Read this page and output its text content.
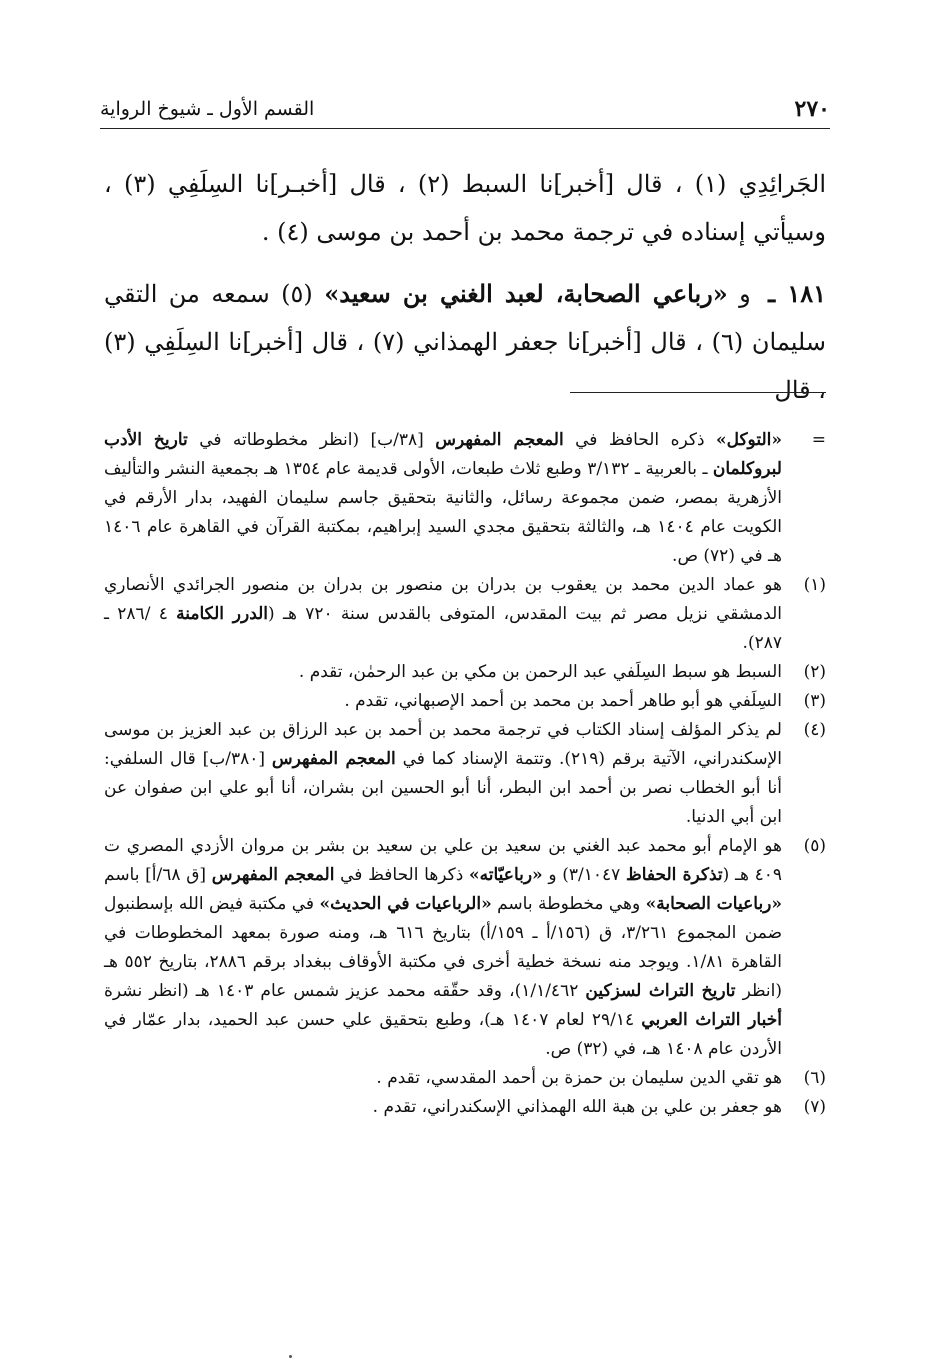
٢٧٠
القسم الأول ـ شيوخ الرواية

الجَرائِدِي (١) ، قال [أخبر]نا السبط (٢) ، قال [أخبـر]نا السِلَفِي (٣) ، وسيأتي إسناده في ترجمة محمد بن أحمد بن موسى (٤) .

١٨١ ـ و «رباعي الصحابة، لعبد الغني بن سعيد» (٥) سمعه من التقي سليمان (٦) ، قال [أخبر]نا جعفر الهمذاني (٧) ، قال [أخبر]نا السِلَفِي (٣) ، قال

=
«التوكل» ذكره الحافظ في المعجم المفهرس [٣٨/ب] (انظر مخطوطاته في تاريخ الأدب لبروكلمان ـ بالعربية ـ ٣/١٣٢ وطبع ثلاث طبعات، الأولى قديمة عام ١٣٥٤ هـ بجمعية النشر والتأليف الأزهرية بمصر، ضمن مجموعة رسائل، والثانية بتحقيق جاسم سليمان الفهيد، بدار الأرقم في الكويت عام ١٤٠٤ هـ، والثالثة بتحقيق مجدي السيد إبراهيم، بمكتبة القرآن في القاهرة عام ١٤٠٦ هـ في (٧٢) ص.
(١)
هو عماد الدين محمد بن يعقوب بن بدران بن منصور بن بدران بن منصور الجرائدي الأنصاري الدمشقي نزيل مصر ثم بيت المقدس، المتوفى بالقدس سنة ٧٢٠ هـ (الدرر الكامنة ٤ /٢٨٦ ـ ٢٨٧).
(٢)
السبط هو سبط السِلَفي عبد الرحمن بن مكي بن عبد الرحمٰن، تقدم .
(٣)
السِلَفي هو أبو طاهر أحمد بن محمد بن أحمد الإصبهاني، تقدم .
(٤)
لم يذكر المؤلف إسناد الكتاب في ترجمة محمد بن أحمد بن عبد الرزاق بن عبد العزيز بن موسى الإسكندراني، الآتية برقم (٢١٩). وتتمة الإسناد كما في المعجم المفهرس [٣٨٠/ب] قال السلفي: أنا أبو الخطاب نصر بن أحمد ابن البطر، أنا أبو الحسين ابن بشران، أنا أبو علي ابن صفوان عن ابن أبي الدنيا.
(٥)
هو الإمام أبو محمد عبد الغني بن سعيد بن علي بن سعيد بن بشر بن مروان الأزدي المصري ت ٤٠٩ هـ (تذكرة الحفاظ ٣/١٠٤٧) و «رباعيّاته» ذكرها الحافظ في المعجم المفهرس [ق ٦٨/أ] باسم «رباعيات الصحابة» وهي مخطوطة باسم «الرباعيات في الحديث» في مكتبة فيض الله بإسطنبول ضمن المجموع ٣/٢٦١، ق (١٥٦/أ ـ ١٥٩/أ) بتاريخ ٦١٦ هـ، ومنه صورة بمعهد المخطوطات في القاهرة ١/٨١. ويوجد منه نسخة خطية أخرى في مكتبة الأوقاف ببغداد برقم ٢٨٨٦، بتاريخ ٥٥٢ هـ (انظر تاريخ التراث لسزكين ١/١/٤٦٢)، وقد حقّقه محمد عزيز شمس عام ١٤٠٣ هـ (انظر نشرة أخبار التراث العربي ٢٩/١٤ لعام ١٤٠٧ هـ)، وطبع بتحقيق علي حسن عبد الحميد، بدار عمّار في الأردن عام ١٤٠٨ هـ، في (٣٢) ص.
(٦)
هو تقي الدين سليمان بن حمزة بن أحمد المقدسي، تقدم .
(٧)
هو جعفر بن علي بن هبة الله الهمذاني الإسكندراني، تقدم .
